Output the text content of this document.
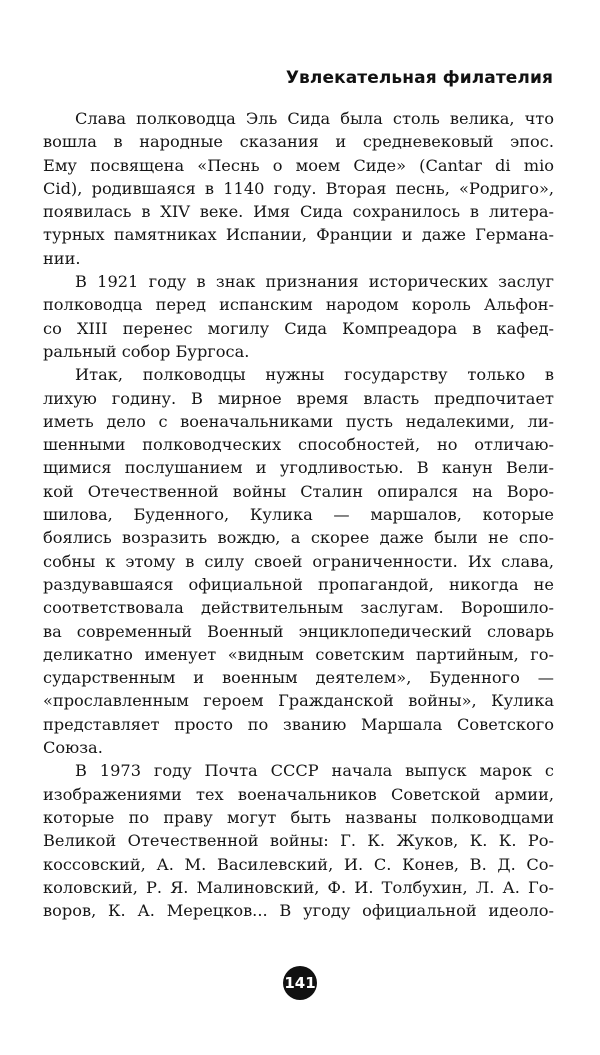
Увлекательная филателия
Слава полководца Эль Сида была столь велика, что
вошла в народные сказания и средневековый эпос.
Ему посвящена «Песнь о моем Сиде» (Cantar di mio
Cid), родившаяся в 1140 году. Вторая песнь, «Родриго»,
появилась в XIV веке. Имя Сида сохранилось в литера-
турных памятниках Испании, Франции и даже Германа-
нии.
В 1921 году в знак признания исторических заслуг
полководца перед испанским народом король Альфон-
со XIII перенес могилу Сида Компреадора в кафед-
ральный собор Бургоса.
Итак, полководцы нужны государству только в
лихую годину. В мирное время власть предпочитает
иметь дело с военачальниками пусть недалекими, ли-
шенными полководческих способностей, но отличаю-
щимися послушанием и угодливостью. В канун Вели-
кой Отечественной войны Сталин опирался на Воро-
шилова, Буденного, Кулика — маршалов, которые
боялись возразить вождю, а скорее даже были не спо-
собны к этому в силу своей ограниченности. Их слава,
раздувавшаяся официальной пропагандой, никогда не
соответствовала действительным заслугам. Ворошило-
ва современный Военный энциклопедический словарь
деликатно именует «видным советским партийным, го-
сударственным и военным деятелем», Буденного —
«прославленным героем Гражданской войны», Кулика
представляет просто по званию Маршала Советского
Союза.
В 1973 году Почта СССР начала выпуск марок с
изображениями тех военачальников Советской армии,
которые по праву могут быть названы полководцами
Великой Отечественной войны: Г. К. Жуков, К. К. Ро-
коссовский, А. М. Василевский, И. С. Конев, В. Д. Со-
коловский, Р. Я. Малиновский, Ф. И. Толбухин, Л. А. Го-
воров, К. А. Мерецков... В угоду официальной идеоло-
141
